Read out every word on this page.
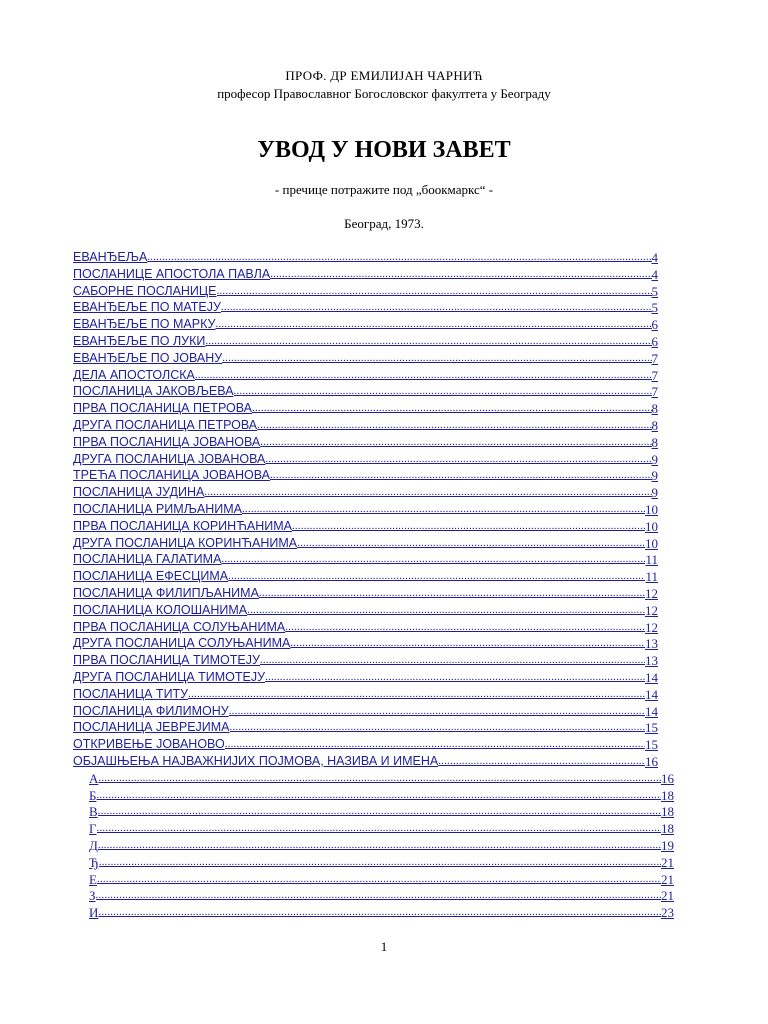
ПРОФ. ДР ЕМИЛИЈАН ЧАРНИЋ
професор Православног Богословског факултета у Београду
УВОД У НОВИ ЗАВЕТ
- пречице потражите под „боокмаркс“ -
Београд, 1973.
ЕВАНЂЕЉА .....	4
ПОСЛАНИЦЕ АПОСТОЛА ПАВЛА .....	4
САБОРНЕ ПОСЛАНИЦЕ .....	5
ЕВАНЂЕЉЕ ПО МАТЕЈУ .....	5
ЕВАНЂЕЉЕ ПО МАРКУ .....	6
ЕВАНЂЕЉЕ ПО ЛУКИ .....	6
ЕВАНЂЕЉЕ ПО ЈОВАНУ .....	7
ДЕЛА АПОСТОЛСКА .....	7
ПОСЛАНИЦА ЈАКОВЉЕВА .....	7
ПРВА ПОСЛАНИЦА ПЕТРОВА .....	8
ДРУГА ПОСЛАНИЦА ПЕТРОВА .....	8
ПРВА ПОСЛАНИЦА ЈОВАНОВА .....	8
ДРУГА ПОСЛАНИЦА ЈОВАНОВА .....	9
ТРЕЋА ПОСЛАНИЦА ЈОВАНОВА .....	9
ПОСЛАНИЦА ЈУДИНА .....	9
ПОСЛАНИЦА РИМЉАНИМА .....	10
ПРВА ПОСЛАНИЦА КОРИНЋАНИМА .....	10
ДРУГА ПОСЛАНИЦА КОРИНЋАНИМА .....	10
ПОСЛАНИЦА ГАЛАТИМА .....	11
ПОСЛАНИЦА ЕФЕСЦИМА .....	11
ПОСЛАНИЦА ФИЛИПЉАНИМА .....	12
ПОСЛАНИЦА КОЛОШАНИМА .....	12
ПРВА ПОСЛАНИЦА СОЛУЊАНИМА .....	12
ДРУГА ПОСЛАНИЦА СОЛУЊАНИМА .....	13
ПРВА ПОСЛАНИЦА ТИМОТЕЈУ .....	13
ДРУГА ПОСЛАНИЦА ТИМОТЕЈУ .....	14
ПОСЛАНИЦА ТИТУ .....	14
ПОСЛАНИЦА ФИЛИМОНУ .....	14
ПОСЛАНИЦА ЈЕВРЕЈИМА .....	15
ОТКРИВЕЊЕ ЈОВАНОВО .....	15
ОБЈАШЊЕЊА НАЈВАЖНИЈИХ ПОЈМОВА, НАЗИВА И ИМЕНА .....	16
А .....	16
Б .....	18
В .....	18
Г .....	18
Д .....	19
Ђ .....	21
Е .....	21
З .....	21
И .....	23
1
